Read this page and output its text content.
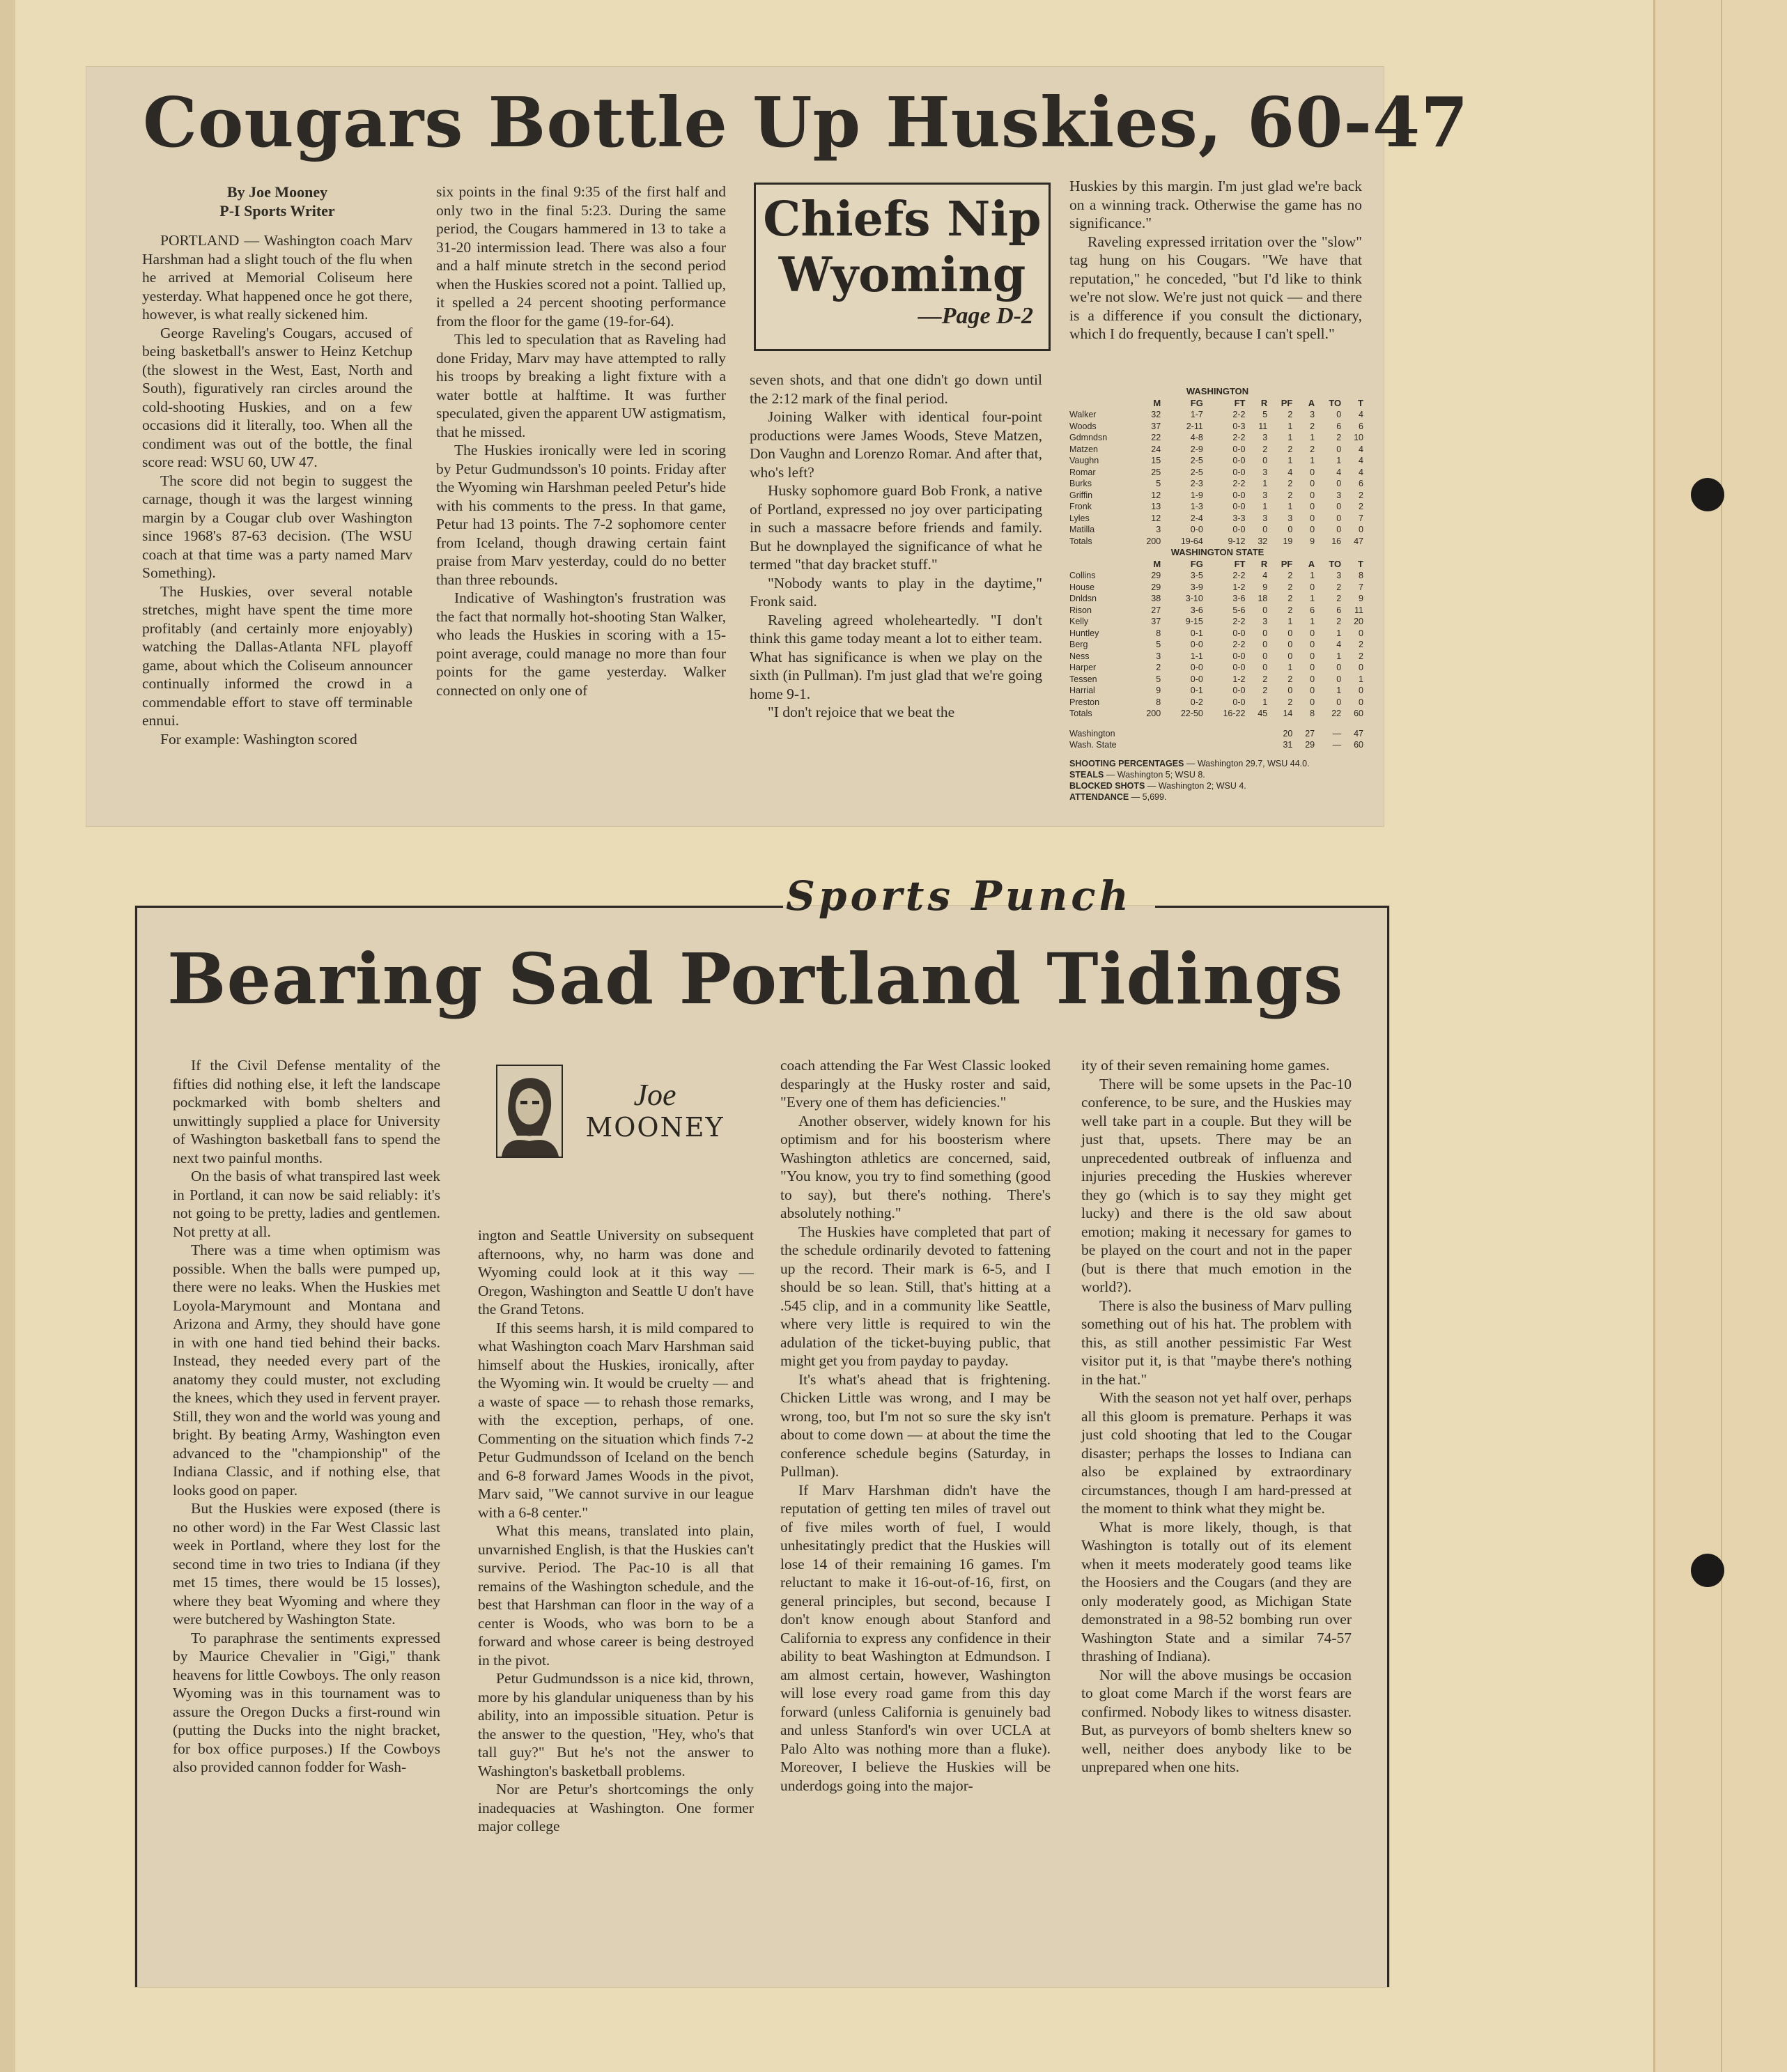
Cougars Bottle Up Huskies, 60-47
By Joe Mooney
P-I Sports Writer

PORTLAND — Washington coach Marv Harshman had a slight touch of the flu when he arrived at Memorial Coliseum here yesterday. What happened once he got there, however, is what really sickened him.

George Raveling's Cougars, accused of being basketball's answer to Heinz Ketchup (the slowest in the West, East, North and South), figuratively ran circles around the cold-shooting Huskies, and on a few occasions did it literally, too. When all the condiment was out of the bottle, the final score read: WSU 60, UW 47.

The score did not begin to suggest the carnage, though it was the largest winning margin by a Cougar club over Washington since 1968's 87-63 decision. (The WSU coach at that time was a party named Marv Something).

The Huskies, over several notable stretches, might have spent the time more profitably (and certainly more enjoyably) watching the Dallas-Atlanta NFL playoff game, about which the Coliseum announcer continually informed the crowd in a commendable effort to stave off terminable ennui.

For example: Washington scored

six points in the final 9:35 of the first half and only two in the final 5:23. During the same period, the Cougars hammered in 13 to take a 31-20 intermission lead. There was also a four and a half minute stretch in the second period when the Huskies scored not a point. Tallied up, it spelled a 24 percent shooting performance from the floor for the game (19-for-64).

This led to speculation that as Raveling had done Friday, Marv may have attempted to rally his troops by breaking a light fixture with a water bottle at halftime. It was further speculated, given the apparent UW astigmatism, that he missed.

The Huskies ironically were led in scoring by Petur Gudmundsson's 10 points. Friday after the Wyoming win Harshman peeled Petur's hide with his comments to the press. In that game, Petur had 13 points. The 7-2 sophomore center from Iceland, though drawing certain faint praise from Marv yesterday, could do no better than three rebounds.

Indicative of Washington's frustration was the fact that normally hot-shooting Stan Walker, who leads the Huskies in scoring with a 15-point average, could manage no more than four points for the game yesterday. Walker connected on only one of

Chiefs Nip
Wyoming
—Page D-2

seven shots, and that one didn't go down until the 2:12 mark of the final period.

Joining Walker with identical four-point productions were James Woods, Steve Matzen, Don Vaughn and Lorenzo Romar. And after that, who's left?

Husky sophomore guard Bob Fronk, a native of Portland, expressed no joy over participating in such a massacre before friends and family. But he downplayed the significance of what he termed "that day bracket stuff."

"Nobody wants to play in the daytime," Fronk said.

Raveling agreed wholeheartedly. "I don't think this game today meant a lot to either team. What has significance is when we play on the sixth (in Pullman). I'm just glad that we're going home 9-1.

"I don't rejoice that we beat the

Huskies by this margin. I'm just glad we're back on a winning track. Otherwise the game has no significance."

Raveling expressed irritation over the "slow" tag hung on his Cougars. "We have that reputation," he conceded, "but I'd like to think we're not slow. We're just not quick — and there is a difference if you consult the dictionary, which I do frequently, because I can't spell."

WASHINGTON								
	M	FG	FT	R	PF	A	TO	T
Walker	32	1-7	2-2	5	2	3	0	4
Woods	37	2-11	0-3	11	1	2	6	6
Gdmndsn	22	4-8	2-2	3	1	1	2	10
Matzen	24	2-9	0-0	2	2	2	0	4
Vaughn	15	2-5	0-0	0	1	1	1	4
Romar	25	2-5	0-0	3	4	0	4	4
Burks	5	2-3	2-2	1	2	0	0	6
Griffin	12	1-9	0-0	3	2	0	3	2
Fronk	13	1-3	0-0	1	1	0	0	2
Lyles	12	2-4	3-3	3	3	0	0	7
Matilla	3	0-0	0-0	0	0	0	0	0
Totals	200	19-64	9-12	32	19	9	16	47
WASHINGTON STATE								
	M	FG	FT	R	PF	A	TO	T
Collins	29	3-5	2-2	4	2	1	3	8
House	29	3-9	1-2	9	2	0	2	7
Dnldsn	38	3-10	3-6	18	2	1	2	9
Rison	27	3-6	5-6	0	2	6	6	11
Kelly	37	9-15	2-2	3	1	1	2	20
Huntley	8	0-1	0-0	0	0	0	1	0
Berg	5	0-0	2-2	0	0	0	4	2
Ness	3	1-1	0-0	0	0	0	1	2
Harper	2	0-0	0-0	0	1	0	0	0
Tessen	5	0-0	1-2	2	2	0	0	1
Harrial	9	0-1	0-0	2	0	0	1	0
Preston	8	0-2	0-0	1	2	0	0	0
Totals	200	22-50	16-22	45	14	8	22	60

Washington					20	27	—	47
Wash. State					31	29	—	60
SHOOTING PERCENTAGES — Washington 29.7, WSU 44.0.
STEALS — Washington 5; WSU 8.
BLOCKED SHOTS — Washington 2; WSU 4.
ATTENDANCE — 5,699.
Sports Punch
Bearing Sad Portland Tidings

If the Civil Defense mentality of the fifties did nothing else, it left the landscape pockmarked with bomb shelters and unwittingly supplied a place for University of Washington basketball fans to spend the next two painful months.

On the basis of what transpired last week in Portland, it can now be said reliably: it's not going to be pretty, ladies and gentlemen. Not pretty at all.

There was a time when optimism was possible. When the balls were pumped up, there were no leaks. When the Huskies met Loyola-Marymount and Montana and Arizona and Army, they should have gone in with one hand tied behind their backs. Instead, they needed every part of the anatomy they could muster, not excluding the knees, which they used in fervent prayer. Still, they won and the world was young and bright. By beating Army, Washington even advanced to the "championship" of the Indiana Classic, and if nothing else, that looks good on paper.

But the Huskies were exposed (there is no other word) in the Far West Classic last week in Portland, where they lost for the second time in two tries to Indiana (if they met 15 times, there would be 15 losses), where they beat Wyoming and where they were butchered by Washington State.

To paraphrase the sentiments expressed by Maurice Chevalier in "Gigi," thank heavens for little Cowboys. The only reason Wyoming was in this tournament was to assure the Oregon Ducks a first-round win (putting the Ducks into the night bracket, for box office purposes.) If the Cowboys also provided cannon fodder for Wash-

Joe
MOONEY

ington and Seattle University on subsequent afternoons, why, no harm was done and Wyoming could look at it this way — Oregon, Washington and Seattle U don't have the Grand Tetons.

If this seems harsh, it is mild compared to what Washington coach Marv Harshman said himself about the Huskies, ironically, after the Wyoming win. It would be cruelty — and a waste of space — to rehash those remarks, with the exception, perhaps, of one. Commenting on the situation which finds 7-2 Petur Gudmundsson of Iceland on the bench and 6-8 forward James Woods in the pivot, Marv said, "We cannot survive in our league with a 6-8 center."

What this means, translated into plain, unvarnished English, is that the Huskies can't survive. Period. The Pac-10 is all that remains of the Washington schedule, and the best that Harshman can floor in the way of a center is Woods, who was born to be a forward and whose career is being destroyed in the pivot.

Petur Gudmundsson is a nice kid, thrown, more by his glandular uniqueness than by his ability, into an impossible situation. Petur is the answer to the question, "Hey, who's that tall guy?" But he's not the answer to Washington's basketball problems.

Nor are Petur's shortcomings the only inadequacies at Washington. One former major college

coach attending the Far West Classic looked desparingly at the Husky roster and said, "Every one of them has deficiencies."

Another observer, widely known for his optimism and for his boosterism where Washington athletics are concerned, said, "You know, you try to find something (good to say), but there's nothing. There's absolutely nothing."

The Huskies have completed that part of the schedule ordinarily devoted to fattening up the record. Their mark is 6-5, and I should be so lean. Still, that's hitting at a .545 clip, and in a community like Seattle, where very little is required to win the adulation of the ticket-buying public, that might get you from payday to payday.

It's what's ahead that is frightening. Chicken Little was wrong, and I may be wrong, too, but I'm not so sure the sky isn't about to come down — at about the time the conference schedule begins (Saturday, in Pullman).

If Marv Harshman didn't have the reputation of getting ten miles of travel out of five miles worth of fuel, I would unhesitatingly predict that the Huskies will lose 14 of their remaining 16 games. I'm reluctant to make it 16-out-of-16, first, on general principles, but second, because I don't know enough about Stanford and California to express any confidence in their ability to beat Washington at Edmundson. I am almost certain, however, Washington will lose every road game from this day forward (unless California is genuinely bad and unless Stanford's win over UCLA at Palo Alto was nothing more than a fluke). Moreover, I believe the Huskies will be underdogs going into the major-

ity of their seven remaining home games.

There will be some upsets in the Pac-10 conference, to be sure, and the Huskies may well take part in a couple. But they will be just that, upsets. There may be an unprecedented outbreak of influenza and injuries preceding the Huskies wherever they go (which is to say they might get lucky) and there is the old saw about emotion; making it necessary for games to be played on the court and not in the paper (but is there that much emotion in the world?).

There is also the business of Marv pulling something out of his hat. The problem with this, as still another pessimistic Far West visitor put it, is that "maybe there's nothing in the hat."

With the season not yet half over, perhaps all this gloom is premature. Perhaps it was just cold shooting that led to the Cougar disaster; perhaps the losses to Indiana can also be explained by extraordinary circumstances, though I am hard-pressed at the moment to think what they might be.

What is more likely, though, is that Washington is totally out of its element when it meets moderately good teams like the Hoosiers and the Cougars (and they are only moderately good, as Michigan State demonstrated in a 98-52 bombing run over Washington State and a similar 74-57 thrashing of Indiana).

Nor will the above musings be occasion to gloat come March if the worst fears are confirmed. Nobody likes to witness disaster. But, as purveyors of bomb shelters knew so well, neither does anybody like to be unprepared when one hits.
